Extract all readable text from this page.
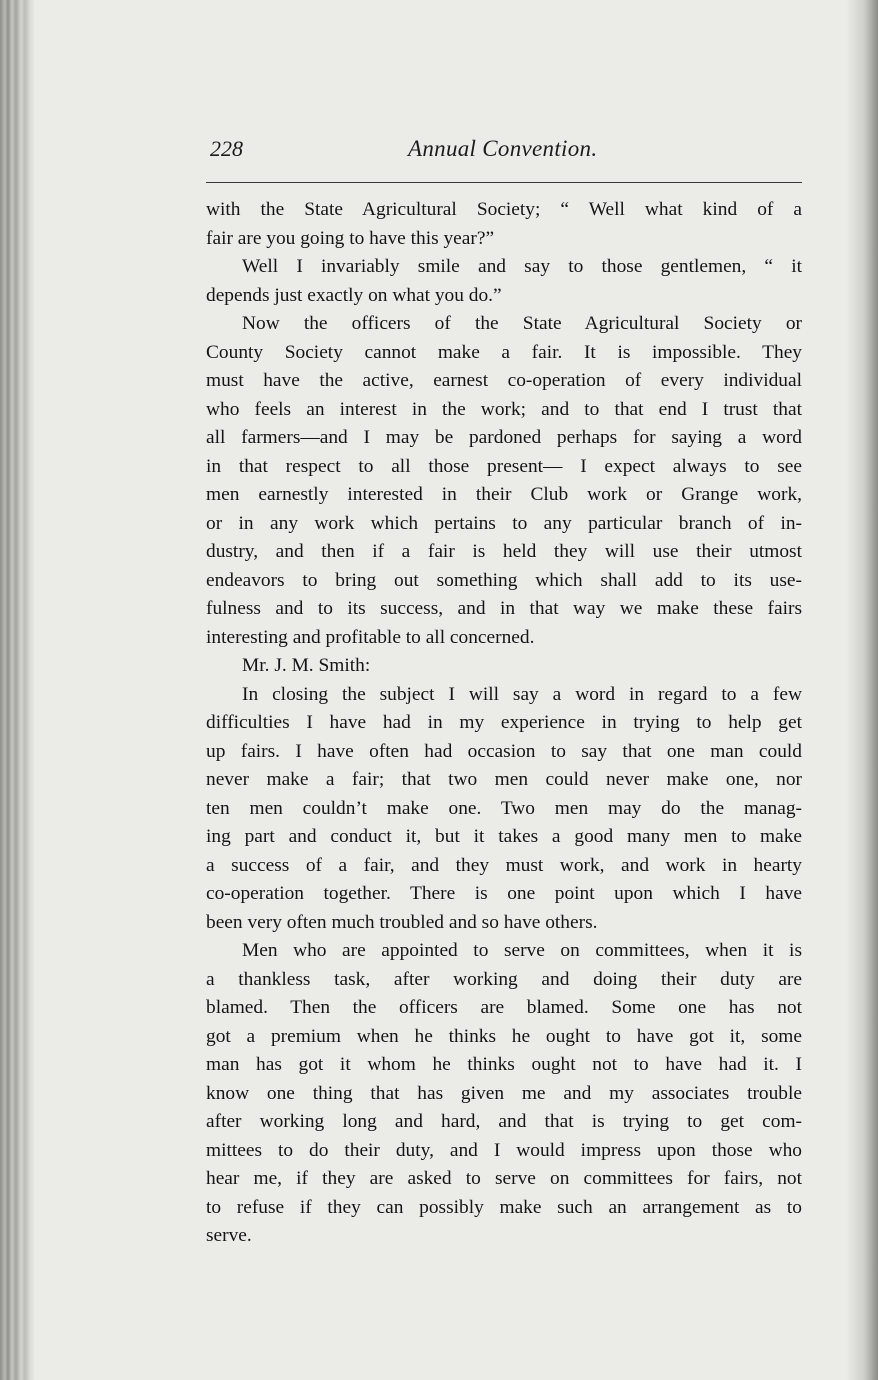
228	Annual Convention.
with the State Agricultural Society; “ Well what kind of a
fair are you going to have this year?”
Well I invariably smile and say to those gentlemen, “ it
depends just exactly on what you do.”
Now the officers of the State Agricultural Society or
County Society cannot make a fair. It is impossible. They
must have the active, earnest co-operation of every individual
who feels an interest in the work; and to that end I trust that
all farmers—and I may be pardoned perhaps for saying a word
in that respect to all those present— I expect always to see
men earnestly interested in their Club work or Grange work,
or in any work which pertains to any particular branch of in-
dustry, and then if a fair is held they will use their utmost
endeavors to bring out something which shall add to its use-
fulness and to its success, and in that way we make these fairs
interesting and profitable to all concerned.
Mr. J. M. Smith:
In closing the subject I will say a word in regard to a few
difficulties I have had in my experience in trying to help get
up fairs. I have often had occasion to say that one man could
never make a fair; that two men could never make one, nor
ten men couldn’t make one. Two men may do the manag-
ing part and conduct it, but it takes a good many men to make
a success of a fair, and they must work, and work in hearty
co-operation together. There is one point upon which I have
been very often much troubled and so have others.
Men who are appointed to serve on committees, when it is
a thankless task, after working and doing their duty are
blamed. Then the officers are blamed. Some one has not
got a premium when he thinks he ought to have got it, some
man has got it whom he thinks ought not to have had it. I
know one thing that has given me and my associates trouble
after working long and hard, and that is trying to get com-
mittees to do their duty, and I would impress upon those who
hear me, if they are asked to serve on committees for fairs, not
to refuse if they can possibly make such an arrangement as to
serve.
